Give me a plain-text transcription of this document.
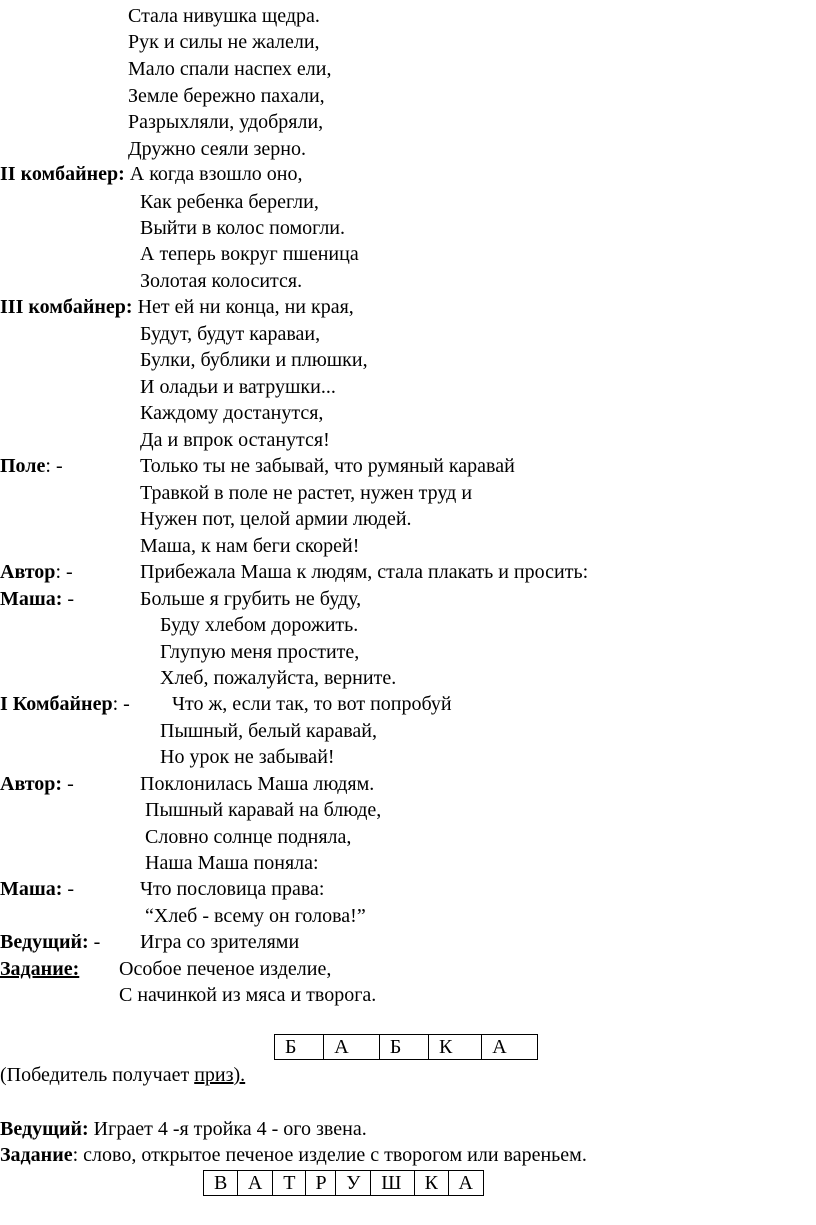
Стала нивушка щедра.
Рук и силы не жалели,
Мало спали наспех ели,
Земле бережно пахали,
Разрыхляли, удобряли,
Дружно сеяли зерно.
II комбайнер: А когда взошло оно,
Как ребенка берегли,
Выйти в колос помогли.
А теперь вокруг пшеница
Золотая колосится.
III комбайнер: Нет ей ни конца, ни края,
Будут, будут караваи,
Булки, бублики и плюшки,
И оладьи и ватрушки...
Каждому достанутся,
Да и впрок останутся!
Поле: -	Только ты не забывай, что румяный каравай
Травкой в поле не растет, нужен труд и
Нужен пот, целой армии людей.
Маша, к нам беги скорей!
Автор: -	Прибежала Маша к людям, стала плакать и просить:
Маша: -	Больше я грубить не буду,
Буду хлебом дорожить.
Глупую меня простите,
Хлеб, пожалуйста, верните.
I Комбайнер: - Что ж, если так, то вот попробуй
Пышный, белый каравай,
Но урок не забывай!
Автор: -	Поклонилась Маша людям.
Пышный каравай на блюде,
Словно солнце подняла,
Наша Маша поняла:
Маша: -	Что пословица права:
“Хлеб - всему он голова!”
Ведущий: - Игра со зрителями
Задание: Особое печеное изделие,
С начинкой из мяса и творога.
Б	А	Б	К	А
(Победитель получает приз).
Ведущий: Играет 4 -я тройка 4 - ого звена.
Задание: слово, открытое печеное изделие с творогом или вареньем.
В	А	Т	Р	У	Ш	К	А
